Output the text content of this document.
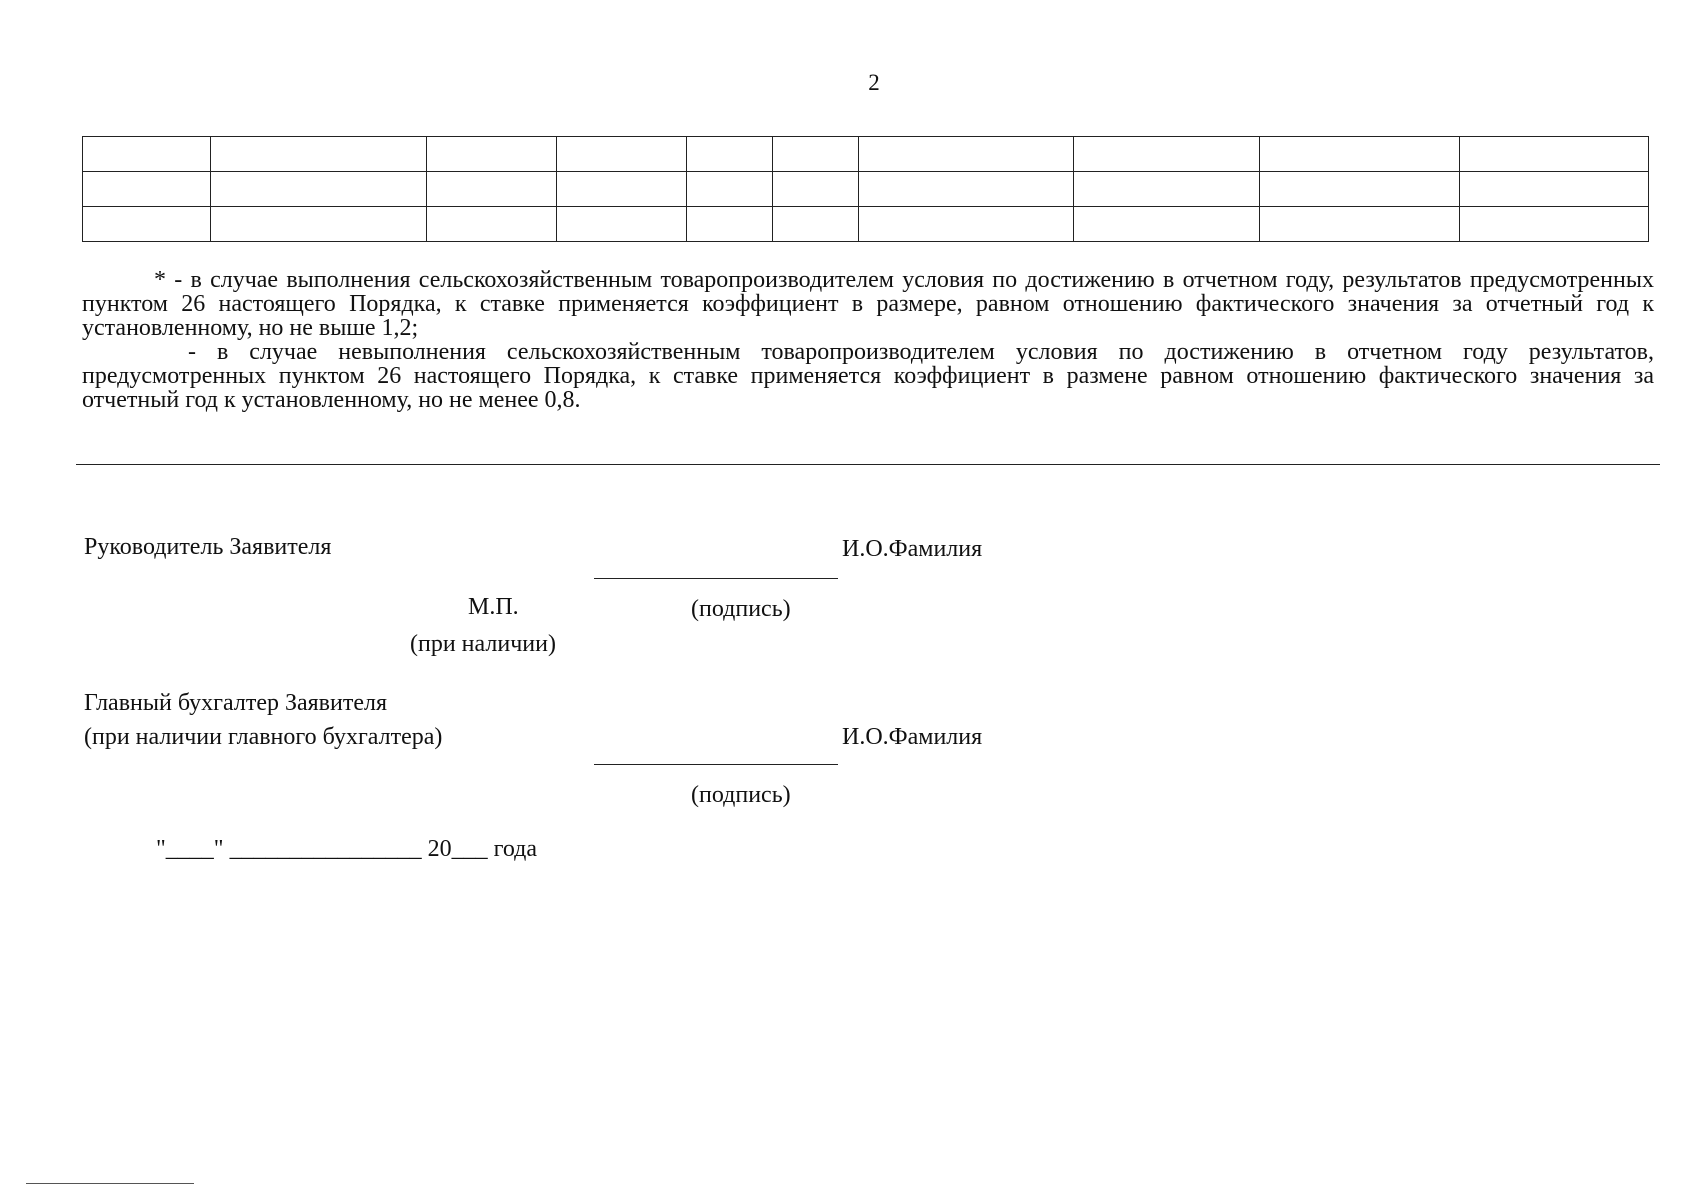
2

* - в случае выполнения сельскохозяйственным товаропроизводителем условия по достижению в отчетном году, результатов предусмотренных пунктом 26 настоящего Порядка, к ставке применяется коэффициент в размере, равном отношению фактического значения за отчетный год к установленному, но не выше 1,2;

- в случае невыполнения сельскохозяйственным товаропроизводителем условия по достижению в отчетном году результатов, предусмотренных пунктом 26 настоящего Порядка, к ставке применяется коэффициент в размене равном отношению фактического значения за отчетный год к установленному, но не менее 0,8.

Руководитель Заявителя	И.О.Фамилия
М.П.	(подпись)
(при наличии)
Главный бухгалтер Заявителя
(при наличии главного бухгалтера)	И.О.Фамилия
(подпись)
"____" ________________ 20___ года
